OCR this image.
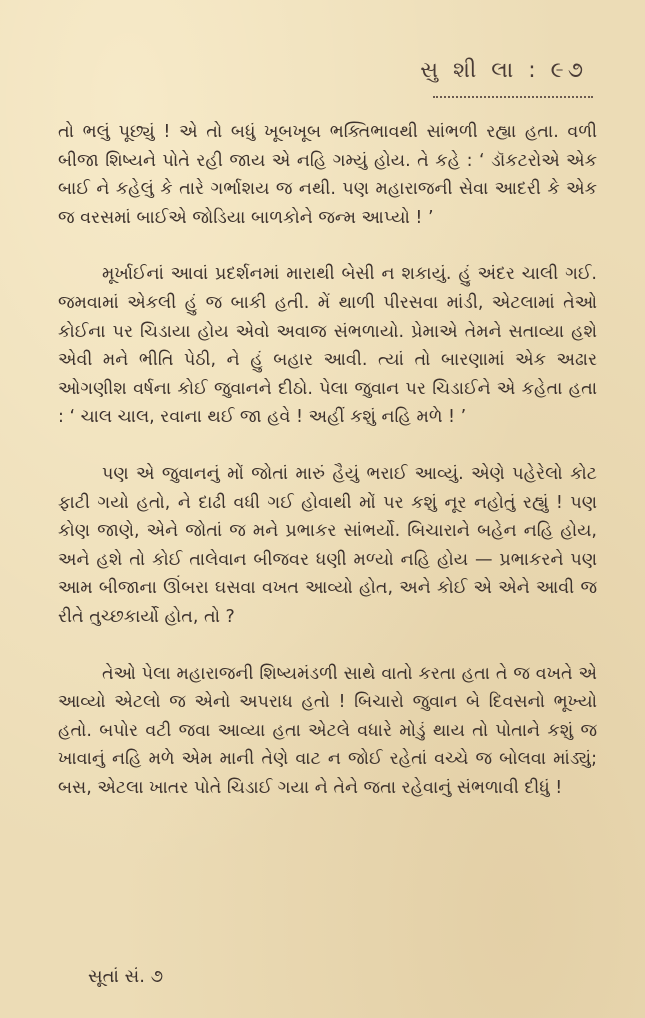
સુ શી લા : ૯૭

તો ભલું પૂછ્યું ! એ તો બધું ખૂબખૂબ ભક્તિભાવથી સાંભળી રહ્યા હતા. વળી બીજા શિષ્યને પોતે રહી જાય એ નહિ ગમ્યું હોય. તે કહે : ‘ ડૉકટરોએ એક બાઈ ને કહેલું કે તારે ગર્ભાશય જ નથી. પણ મહારાજની સેવા આદરી કે એક જ વરસમાં બાઈએ જોડિયા બાળકોને જન્મ આપ્યો ! ’

મૂર્ખાઈનાં આવાં પ્રદર્શનમાં મારાથી બેસી ન શકાયું. હું અંદર ચાલી ગઈ. જમવામાં એકલી હું જ બાકી હતી. મેં થાળી પીરસવા માંડી, એટલામાં તેઓ કોઈના પર ચિડાયા હોય એવો અવાજ સંભળાયો. પ્રેમાએ તેમને સતાવ્યા હશે એવી મને ભીતિ પેઠી, ને હું બહાર આવી. ત્યાં તો બારણામાં એક અઢાર ઓગણીશ વર્ષના કોઈ જુવાનને દીઠો. પેલા જુવાન પર ચિડાઈને એ કહેતા હતા : ‘ ચાલ ચાલ, રવાના થઈ જા હવે ! અહીં કશું નહિ મળે ! ’

પણ એ જુવાનનું મોં જોતાં મારું હૈયું ભરાઈ આવ્યું. એણે પહેરેલો કોટ ફાટી ગયો હતો, ને દાઢી વધી ગઈ હોવાથી મોં પર કશું નૂર નહોતું રહ્યું ! પણ કોણ જાણે, એને જોતાં જ મને પ્રભાકર સાંભર્યો. બિચારાને બહેન નહિ હોય, અને હશે તો કોઈ તાલેવાન બીજવર ધણી મળ્યો નહિ હોય — પ્રભાકરને પણ આમ બીજાના ઊંબરા ઘસવા વખત આવ્યો હોત, અને કોઈ એ એને આવી જ રીતે તુચ્છકાર્યો હોત, તો ?

તેઓ પેલા મહારાજની શિષ્યમંડળી સાથે વાતો કરતા હતા તે જ વખતે એ આવ્યો એટલો જ એનો અપરાધ હતો ! બિચારો જુવાન બે દિવસનો ભૂખ્યો હતો. બપોર વટી જવા આવ્યા હતા એટલે વધારે મોડું થાય તો પોતાને કશું જ ખાવાનું નહિ મળે એમ માની તેણે વાટ ન જોઈ રહેતાં વચ્ચે જ બોલવા માંડ્યું; બસ, એટલા ખાતર પોતે ચિડાઈ ગયા ને તેને જતા રહેવાનું સંભળાવી દીધું !

સૂતાં સં. ૭
